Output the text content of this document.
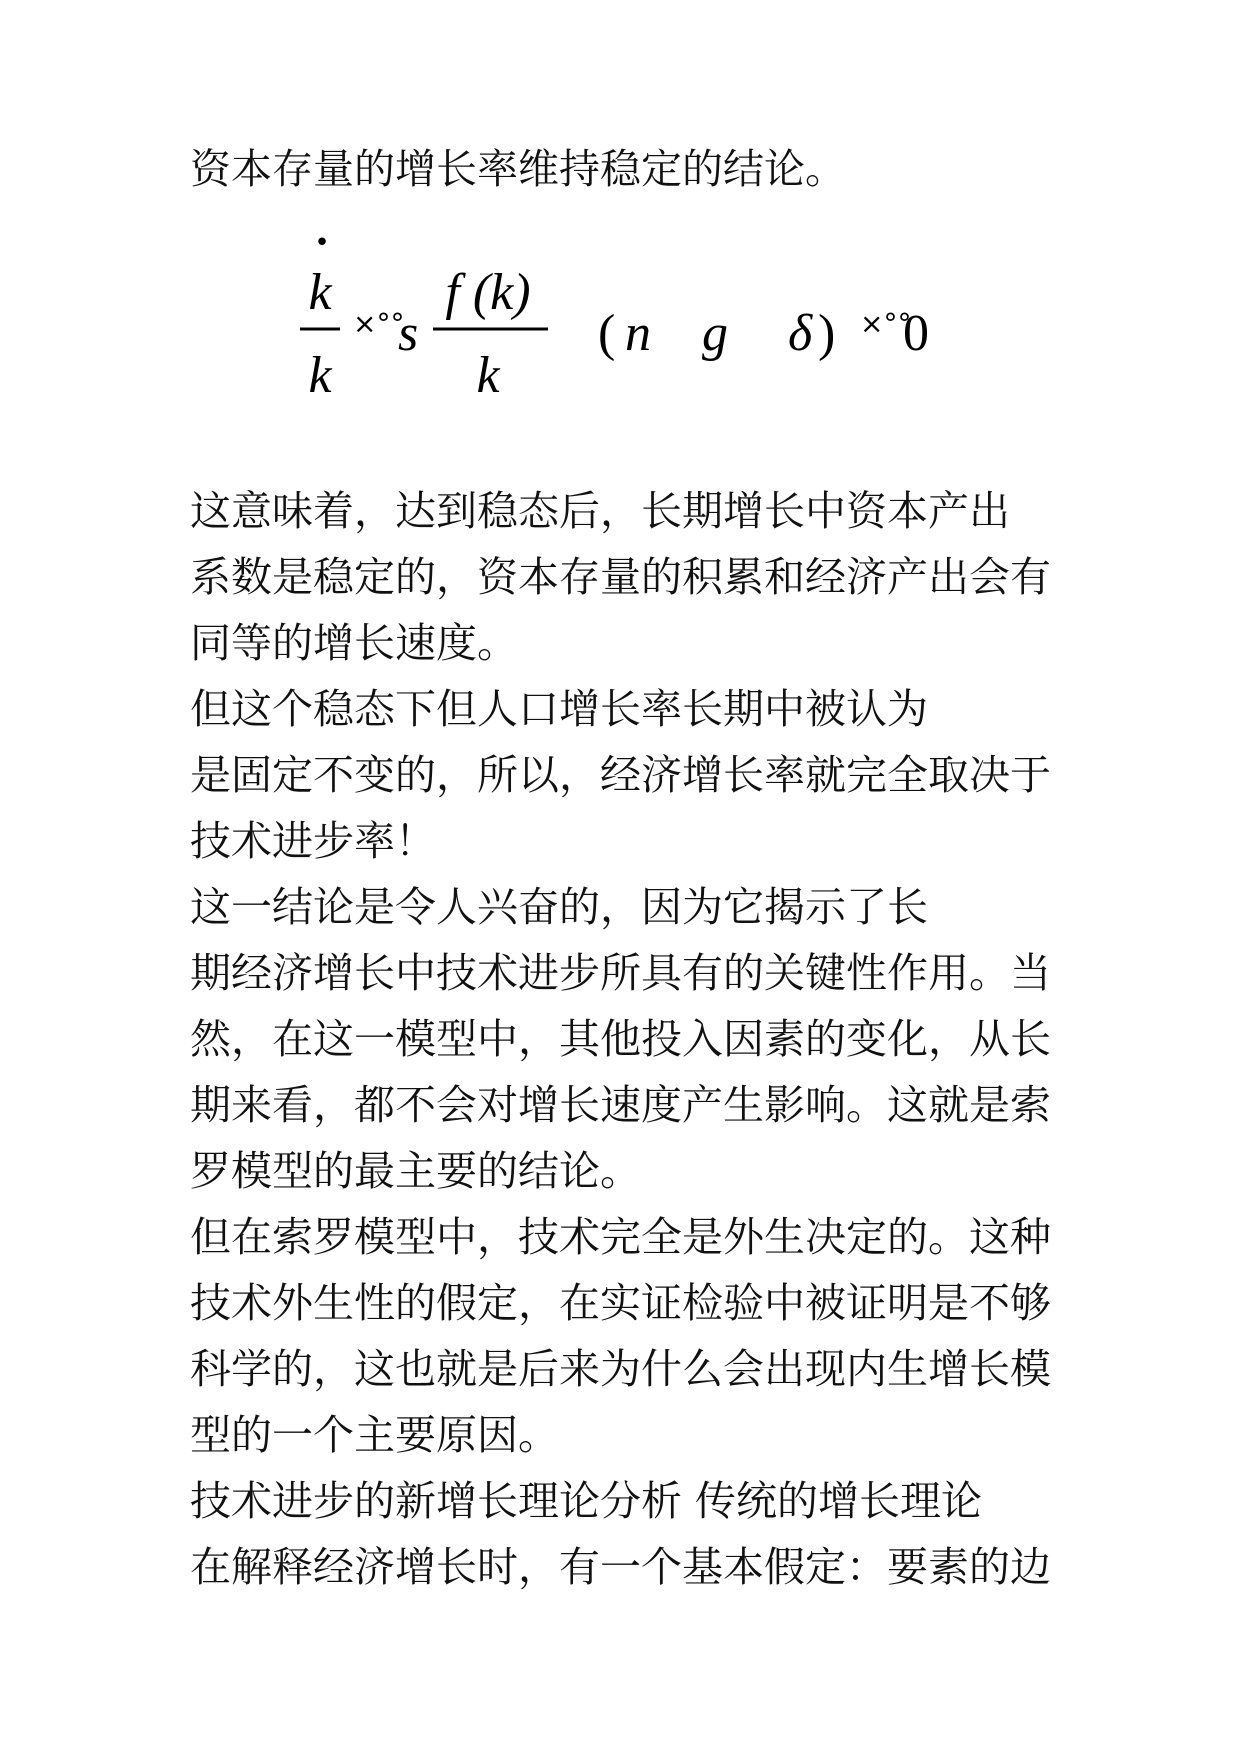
资本存量的增长率维持稳定的结论。
•
k
k
×°°
s
f (k)
k
( n g δ ) ×°°
0
这意味着，达到稳态后，长期增长中资本产出
系数是稳定的，资本存量的积累和经济产出会有
同等的增长速度。
但这个稳态下但人口增长率长期中被认为
是固定不变的，所以，经济增长率就完全取决于
技术进步率！
这一结论是令人兴奋的，因为它揭示了长
期经济增长中技术进步所具有的关键性作用。当
然，在这一模型中，其他投入因素的变化，从长
期来看，都不会对增长速度产生影响。这就是索
罗模型的最主要的结论。
但在索罗模型中，技术完全是外生决定的。这种
技术外生性的假定，在实证检验中被证明是不够
科学的，这也就是后来为什么会出现内生增长模
型的一个主要原因。
技术进步的新增长理论分析 传统的增长理论
在解释经济增长时，有一个基本假定：要素的边
